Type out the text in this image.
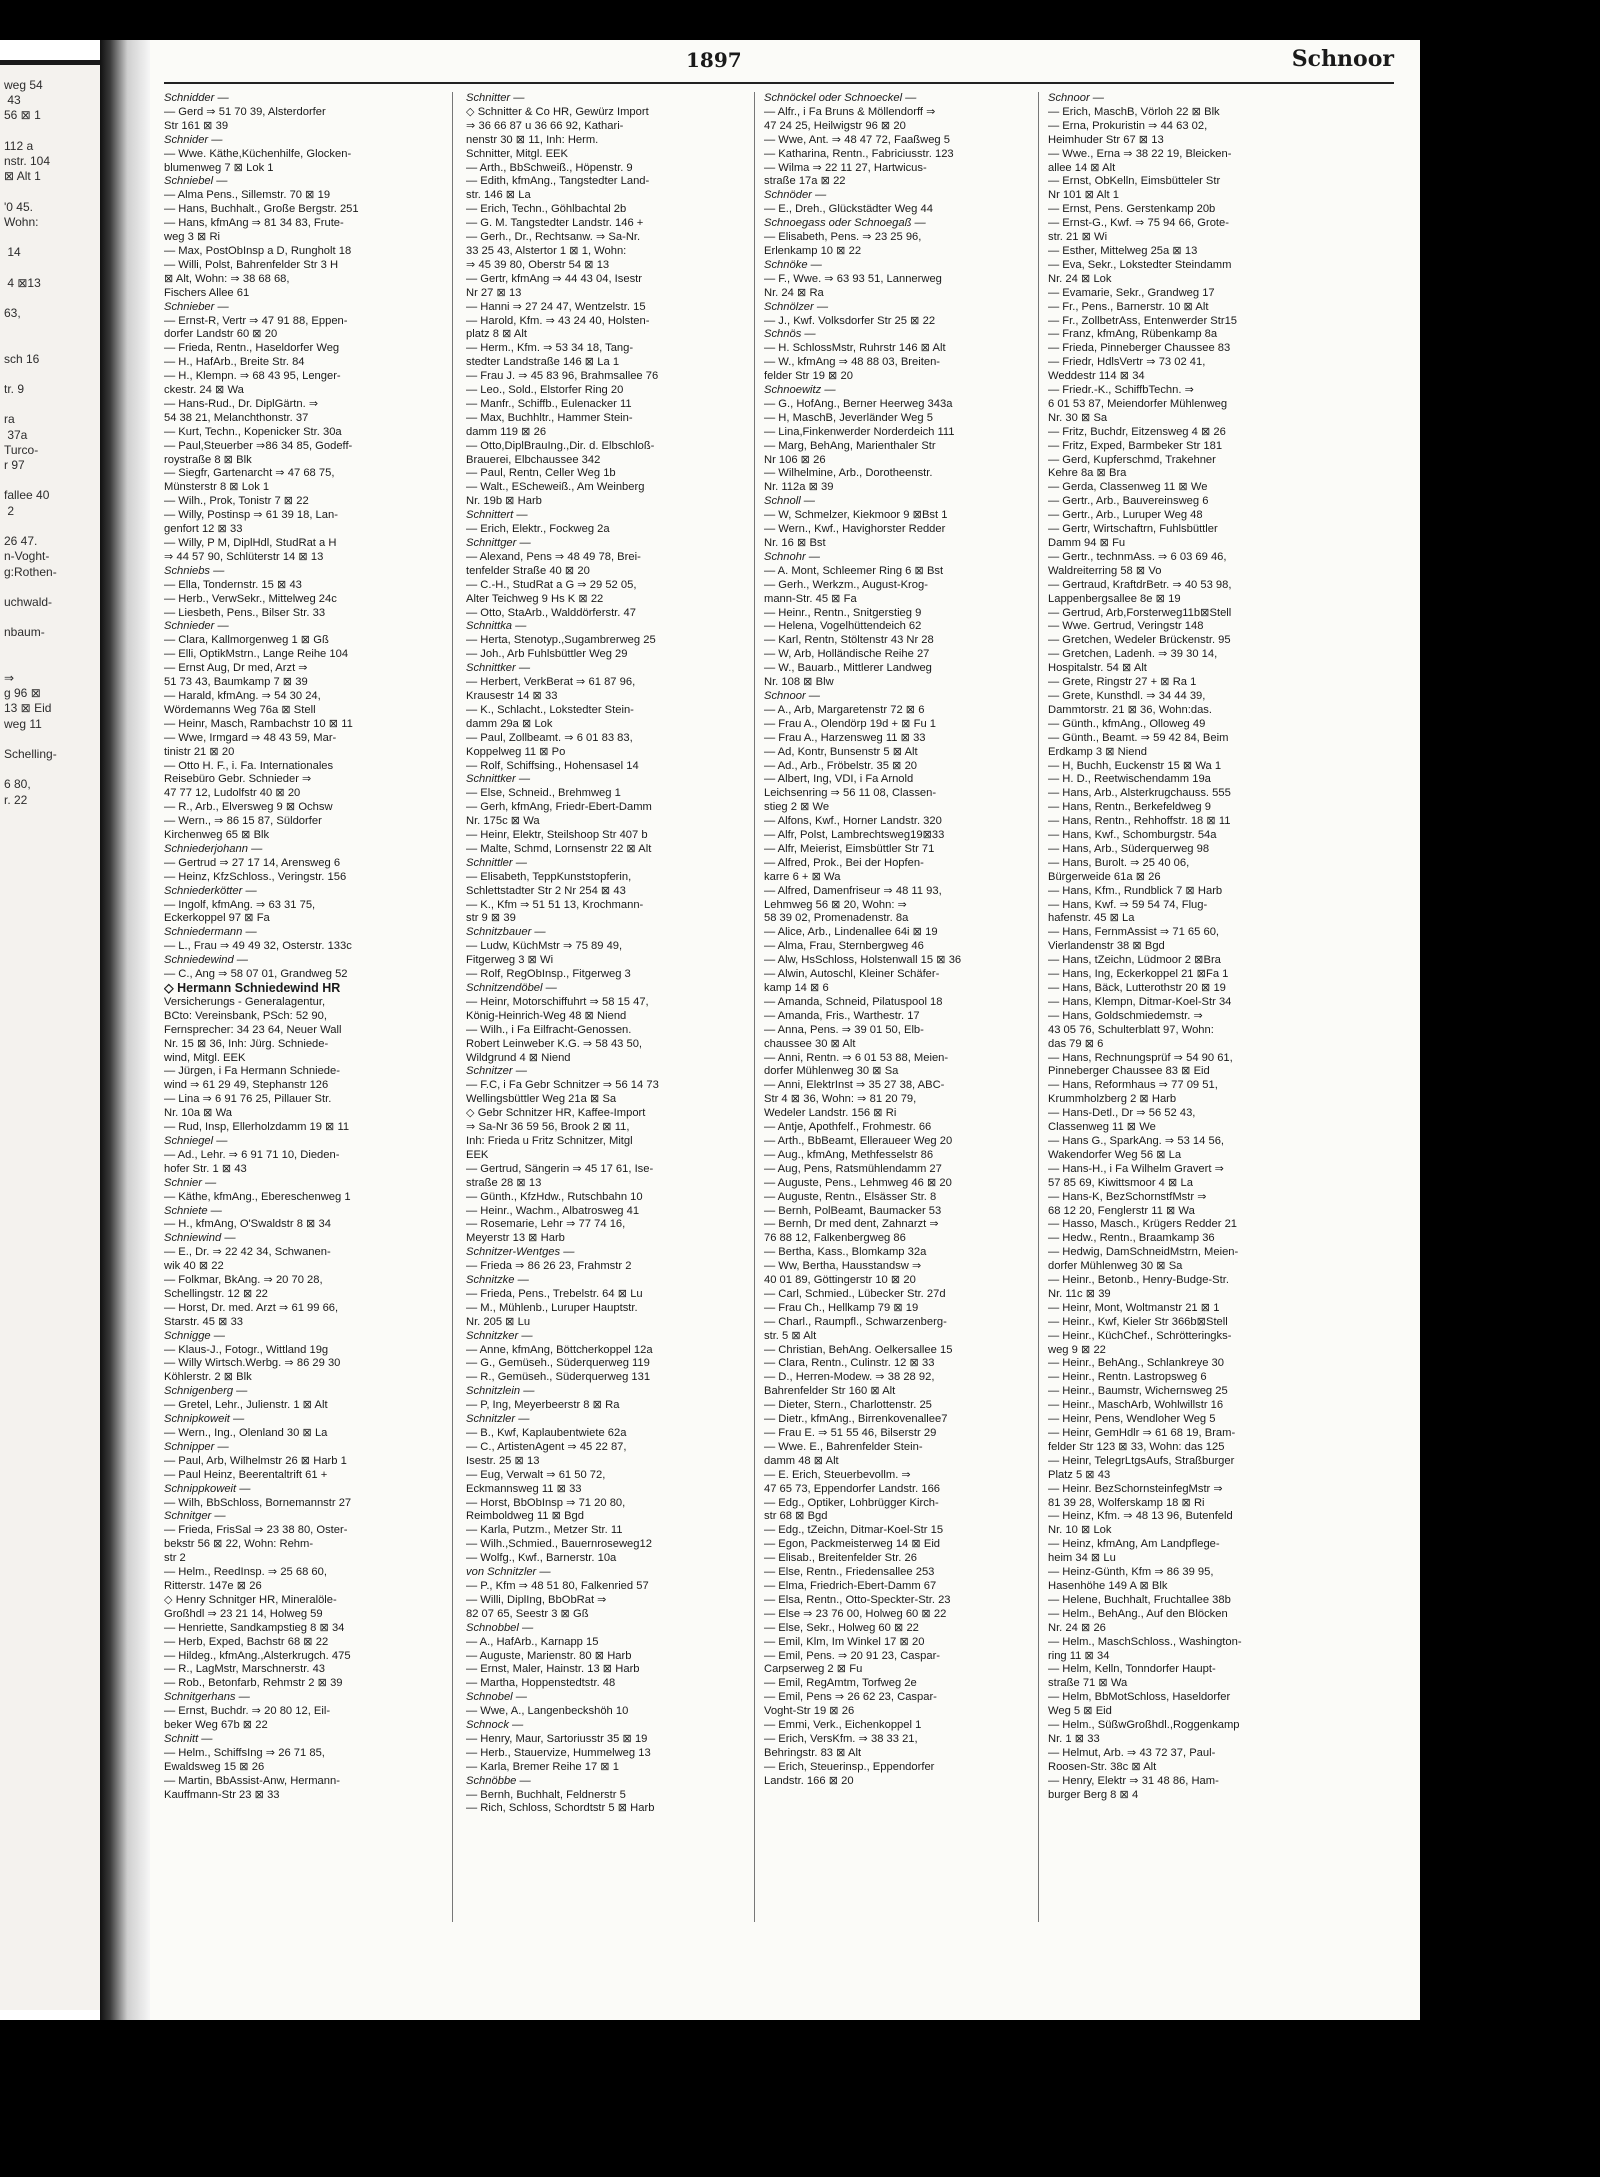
weg 54
43
56 ⊠ 1

112 a
nstr. 104
⊠ Alt 1

'0 45.
Wohn:

14

4 ⊠13

63,

sch 16

tr. 9

ra
37a
Turco-
r 97

fallee 40
2

26 47.
n-Voght-
g:Rothen-

uchwald-

nbaum-

⇒
g 96 ⊠
13 ⊠ Eid
weg 11

Schelling-

6 80,
r. 22
1897	Schnoor
Schnidder —
— Gerd ⇒ 51 70 39, Alsterdorfer
Str 161 ⊠ 39
Schnider —
— Wwe. Käthe,Küchenhilfe, Glocken-
blumenweg 7 ⊠ Lok 1
Schniebel —
— Alma Pens., Sillemstr. 70 ⊠ 19
— Hans, Buchhalt., Große Bergstr. 251
— Hans, kfmAng ⇒ 81 34 83, Frute-
weg 3 ⊠ Ri
— Max, PostObInsp a D, Rungholt 18
— Willi, Polst, Bahrenfelder Str 3 H
⊠ Alt, Wohn: ⇒ 38 68 68,
Fischers Allee 61
Schnieber —
— Ernst-R, Vertr ⇒ 47 91 88, Eppen-
dorfer Landstr 60 ⊠ 20
— Frieda, Rentn., Haseldorfer Weg
— H., HafArb., Breite Str. 84
— H., Klempn. ⇒ 68 43 95, Lenger-
ckestr. 24 ⊠ Wa
— Hans-Rud., Dr. DiplGärtn. ⇒
54 38 21, Melanchthonstr. 37
— Kurt, Techn., Kopenicker Str. 30a
— Paul,Steuerber ⇒86 34 85, Godeff-
roystraße 8 ⊠ Blk
— Siegfr, Gartenarcht ⇒ 47 68 75,
Münsterstr 8 ⊠ Lok 1
— Wilh., Prok, Tonistr 7 ⊠ 22
— Willy, Postinsp ⇒ 61 39 18, Lan-
genfort 12 ⊠ 33
— Willy, P M, DiplHdl, StudRat a H
⇒ 44 57 90, Schlüterstr 14 ⊠ 13
Schniebs —
— Ella, Tondernstr. 15 ⊠ 43
— Herb., VerwSekr., Mittelweg 24c
— Liesbeth, Pens., Bilser Str. 33
Schnieder —
— Clara, Kallmorgenweg 1 ⊠ Gß
— Elli, OptikMstrn., Lange Reihe 104
— Ernst Aug, Dr med, Arzt ⇒
51 73 43, Baumkamp 7 ⊠ 39
— Harald, kfmAng. ⇒ 54 30 24,
Wördemanns Weg 76a ⊠ Stell
— Heinr, Masch, Rambachstr 10 ⊠ 11
— Wwe, Irmgard ⇒ 48 43 59, Mar-
tinistr 21 ⊠ 20
— Otto H. F., i. Fa. Internationales
Reisebüro Gebr. Schnieder ⇒
47 77 12, Ludolfstr 40 ⊠ 20
— R., Arb., Elversweg 9 ⊠ Ochsw
— Wern., ⇒ 86 15 87, Süldorfer
Kirchenweg 65 ⊠ Blk
Schniederjohann —
— Gertrud ⇒ 27 17 14, Arensweg 6
— Heinz, KfzSchloss., Veringstr. 156
Schniederkötter —
— Ingolf, kfmAng. ⇒ 63 31 75,
Eckerkoppel 97 ⊠ Fa
Schniedermann —
— L., Frau ⇒ 49 49 32, Osterstr. 133c
Schniedewind —
— C., Ang ⇒ 58 07 01, Grandweg 52
◇ Hermann Schniedewind HR
Versicherungs - Generalagentur,
BCto: Vereinsbank, PSch: 52 90,
Fernsprecher: 34 23 64, Neuer Wall
Nr. 15 ⊠ 36, Inh: Jürg. Schniede-
wind, Mitgl. EEK
— Jürgen, i Fa Hermann Schniede-
wind ⇒ 61 29 49, Stephanstr 126
— Lina ⇒ 6 91 76 25, Pillauer Str.
Nr. 10a ⊠ Wa
— Rud, Insp, Ellerholzdamm 19 ⊠ 11
Schniegel —
— Ad., Lehr. ⇒ 6 91 71 10, Dieden-
hofer Str. 1 ⊠ 43
Schnier —
— Käthe, kfmAng., Ebereschenweg 1
Schniete —
— H., kfmAng, O'Swaldstr 8 ⊠ 34
Schniewind —
— E., Dr. ⇒ 22 42 34, Schwanen-
wik 40 ⊠ 22
— Folkmar, BkAng. ⇒ 20 70 28,
Schellingstr. 12 ⊠ 22
— Horst, Dr. med. Arzt ⇒ 61 99 66,
Starstr. 45 ⊠ 33
Schnigge —
— Klaus-J., Fotogr., Wittland 19g
— Willy Wirtsch.Werbg. ⇒ 86 29 30
Köhlerstr. 2 ⊠ Blk
Schnigenberg —
— Gretel, Lehr., Julienstr. 1 ⊠ Alt
Schnipkoweit —
— Wern., Ing., Olenland 30 ⊠ La
Schnipper —
— Paul, Arb, Wilhelmstr 26 ⊠ Harb 1
— Paul Heinz, Beerentaltrift 61 +
Schnippkoweit —
— Wilh, BbSchloss, Bornemannstr 27
Schnitger —
— Frieda, FrisSal ⇒ 23 38 80, Oster-
bekstr 56 ⊠ 22, Wohn: Rehm-
str 2
— Helm., ReedInsp. ⇒ 25 68 60,
Ritterstr. 147e ⊠ 26
◇ Henry Schnitger HR, Mineralöle-
Großhdl ⇒ 23 21 14, Holweg 59
— Henriette, Sandkampstieg 8 ⊠ 34
— Herb, Exped, Bachstr 68 ⊠ 22
— Hildeg., kfmAng.,Alsterkrugch. 475
— R., LagMstr, Marschnerstr. 43
— Rob., Betonfarb, Rehmstr 2 ⊠ 39
Schnitgerhans —
— Ernst, Buchdr. ⇒ 20 80 12, Eil-
beker Weg 67b ⊠ 22
Schnitt —
— Helm., SchiffsIng ⇒ 26 71 85,
Ewaldsweg 15 ⊠ 26
— Martin, BbAssist-Anw, Hermann-
Kauffmann-Str 23 ⊠ 33
Schnitter —
◇ Schnitter & Co HR, Gewürz Import
⇒ 36 66 87 u 36 66 92, Kathari-
nenstr 30 ⊠ 11, Inh: Herm.
Schnitter, Mitgl. EEK
— Arth., BbSchweiß., Höpenstr. 9
— Edith, kfmAng., Tangstedter Land-
str. 146 ⊠ La
— Erich, Techn., Göhlbachtal 2b
— G. M. Tangstedter Landstr. 146 +
— Gerh., Dr., Rechtsanw. ⇒ Sa-Nr.
33 25 43, Alstertor 1 ⊠ 1, Wohn:
⇒ 45 39 80, Oberstr 54 ⊠ 13
— Gertr, kfmAng ⇒ 44 43 04, Isestr
Nr 27 ⊠ 13
— Hanni ⇒ 27 24 47, Wentzelstr. 15
— Harold, Kfm. ⇒ 43 24 40, Holsten-
platz 8 ⊠ Alt
— Herm., Kfm. ⇒ 53 34 18, Tang-
stedter Landstraße 146 ⊠ La 1
— Frau J. ⇒ 45 83 96, Brahmsallee 76
— Leo., Sold., Elstorfer Ring 20
— Manfr., Schiffb., Eulenacker 11
— Max, Buchhltr., Hammer Stein-
damm 119 ⊠ 26
— Otto,DiplBrauIng.,Dir. d. Elbschloß-
Brauerei, Elbchaussee 342
— Paul, Rentn, Celler Weg 1b
— Walt., EScheweiß., Am Weinberg
Nr. 19b ⊠ Harb
Schnittert —
— Erich, Elektr., Fockweg 2a
Schnittger —
— Alexand, Pens ⇒ 48 49 78, Brei-
tenfelder Straße 40 ⊠ 20
— C.-H., StudRat a G ⇒ 29 52 05,
Alter Teichweg 9 Hs K ⊠ 22
— Otto, StaArb., Walddörferstr. 47
Schnittka —
— Herta, Stenotyp.,Sugambrerweg 25
— Joh., Arb Fuhlsbüttler Weg 29
Schnittker —
— Herbert, VerkBerat ⇒ 61 87 96,
Krausestr 14 ⊠ 33
— K., Schlacht., Lokstedter Stein-
damm 29a ⊠ Lok
— Paul, Zollbeamt. ⇒ 6 01 83 83,
Koppelweg 11 ⊠ Po
— Rolf, Schiffsing., Hohensasel 14
Schnittker —
— Else, Schneid., Brehmweg 1
— Gerh, kfmAng, Friedr-Ebert-Damm
Nr. 175c ⊠ Wa
— Heinr, Elektr, Steilshoop Str 407 b
— Malte, Schmd, Lornsenstr 22 ⊠ Alt
Schnittler —
— Elisabeth, TeppKunststopferin,
Schlettstadter Str 2 Nr 254 ⊠ 43
— K., Kfm ⇒ 51 51 13, Krochmann-
str 9 ⊠ 39
Schnitzbauer —
— Ludw, KüchMstr ⇒ 75 89 49,
Fitgerweg 3 ⊠ Wi
— Rolf, RegObInsp., Fitgerweg 3
Schnitzendöbel —
— Heinr, Motorschiffuhrt ⇒ 58 15 47,
König-Heinrich-Weg 48 ⊠ Niend
— Wilh., i Fa Eilfracht-Genossen.
Robert Leinweber K.G. ⇒ 58 43 50,
Wildgrund 4 ⊠ Niend
Schnitzer —
— F.C, i Fa Gebr Schnitzer ⇒ 56 14 73
Wellingsbüttler Weg 21a ⊠ Sa
◇ Gebr Schnitzer HR, Kaffee-Import
⇒ Sa-Nr 36 59 56, Brook 2 ⊠ 11,
Inh: Frieda u Fritz Schnitzer, Mitgl
EEK
— Gertrud, Sängerin ⇒ 45 17 61, Ise-
straße 28 ⊠ 13
— Günth., KfzHdw., Rutschbahn 10
— Heinr., Wachm., Albatrosweg 41
— Rosemarie, Lehr ⇒ 77 74 16,
Meyerstr 13 ⊠ Harb
Schnitzer-Wentges —
— Frieda ⇒ 86 26 23, Frahmstr 2
Schnitzke —
— Frieda, Pens., Trebelstr. 64 ⊠ Lu
— M., Mühlenb., Luruper Hauptstr.
Nr. 205 ⊠ Lu
Schnitzker —
— Anne, kfmAng, Böttcherkoppel 12a
— G., Gemüseh., Süderquerweg 119
— R., Gemüseh., Süderquerweg 131
Schnitzlein —
— P, Ing, Meyerbeerstr 8 ⊠ Ra
Schnitzler —
— B., Kwf, Kaplaubentwiete 62a
— C., ArtistenAgent ⇒ 45 22 87,
Isestr. 25 ⊠ 13
— Eug, Verwalt ⇒ 61 50 72,
Eckmannsweg 11 ⊠ 33
— Horst, BbObInsp ⇒ 71 20 80,
Reimboldweg 11 ⊠ Bgd
— Karla, Putzm., Metzer Str. 11
— Wilh.,Schmied., Bauernroseweg12
— Wolfg., Kwf., Barnerstr. 10a
von Schnitzler —
— P., Kfm ⇒ 48 51 80, Falkenried 57
— Willi, DiplIng, BbObRat ⇒
82 07 65, Seestr 3 ⊠ Gß
Schnobbel —
— A., HafArb., Karnapp 15
— Auguste, Marienstr. 80 ⊠ Harb
— Ernst, Maler, Hainstr. 13 ⊠ Harb
— Martha, Hoppenstedtstr. 48
Schnobel —
— Wwe, A., Langenbeckshöh 10
Schnock —
— Henry, Maur, Sartoriusstr 35 ⊠ 19
— Herb., Stauervize, Hummelweg 13
— Karla, Bremer Reihe 17 ⊠ 1
Schnöbbe —
— Bernh, Buchhalt, Feldnerstr 5
— Rich, Schloss, Schordtstr 5 ⊠ Harb
Schnöckel oder Schnoeckel —
— Alfr., i Fa Bruns & Möllendorff ⇒
47 24 25, Heilwigstr 96 ⊠ 20
— Wwe, Ant. ⇒ 48 47 72, Faaßweg 5
— Katharina, Rentn., Fabriciusstr. 123
— Wilma ⇒ 22 11 27, Hartwicus-
straße 17a ⊠ 22
Schnöder —
— E., Dreh., Glückstädter Weg 44
Schnoegass oder Schnoegaß —
— Elisabeth, Pens. ⇒ 23 25 96,
Erlenkamp 10 ⊠ 22
Schnöke —
— F., Wwe. ⇒ 63 93 51, Lannerweg
Nr. 24 ⊠ Ra
Schnölzer —
— J., Kwf. Volksdorfer Str 25 ⊠ 22
Schnös —
— H. SchlossMstr, Ruhrstr 146 ⊠ Alt
— W., kfmAng ⇒ 48 88 03, Breiten-
felder Str 19 ⊠ 20
Schnoewitz —
— G., HofAng., Berner Heerweg 343a
— H, MaschB, Jeverländer Weg 5
— Lina,Finkenwerder Norderdeich 111
— Marg, BehAng, Marienthaler Str
Nr 106 ⊠ 26
— Wilhelmine, Arb., Dorotheenstr.
Nr. 112a ⊠ 39
Schnoll —
— W, Schmelzer, Kiekmoor 9 ⊠Bst 1
— Wern., Kwf., Havighorster Redder
Nr. 16 ⊠ Bst
Schnohr —
— A. Mont, Schleemer Ring 6 ⊠ Bst
— Gerh., Werkzm., August-Krog-
mann-Str. 45 ⊠ Fa
— Heinr., Rentn., Snitgerstieg 9
— Helena, Vogelhüttendeich 62
— Karl, Rentn, Stöltenstr 43 Nr 28
— W, Arb, Holländische Reihe 27
— W., Bauarb., Mittlerer Landweg
Nr. 108 ⊠ Blw
Schnoor —
— A., Arb, Margaretenstr 72 ⊠ 6
— Frau A., Olendörp 19d + ⊠ Fu 1
— Frau A., Harzensweg 11 ⊠ 33
— Ad, Kontr, Bunsenstr 5 ⊠ Alt
— Ad., Arb., Fröbelstr. 35 ⊠ 20
— Albert, Ing, VDI, i Fa Arnold
Leichsenring ⇒ 56 11 08, Classen-
stieg 2 ⊠ We
— Alfons, Kwf., Horner Landstr. 320
— Alfr, Polst, Lambrechtsweg19⊠33
— Alfr, Meierist, Eimsbüttler Str 71
— Alfred, Prok., Bei der Hopfen-
karre 6 + ⊠ Wa
— Alfred, Damenfriseur ⇒ 48 11 93,
Lehmweg 56 ⊠ 20, Wohn: ⇒
58 39 02, Promenadenstr. 8a
— Alice, Arb., Lindenallee 64i ⊠ 19
— Alma, Frau, Sternbergweg 46
— Alw, HsSchloss, Holstenwall 15 ⊠ 36
— Alwin, Autoschl, Kleiner Schäfer-
kamp 14 ⊠ 6
— Amanda, Schneid, Pilatuspool 18
— Amanda, Fris., Warthestr. 17
— Anna, Pens. ⇒ 39 01 50, Elb-
chaussee 30 ⊠ Alt
— Anni, Rentn. ⇒ 6 01 53 88, Meien-
dorfer Mühlenweg 30 ⊠ Sa
— Anni, ElektrInst ⇒ 35 27 38, ABC-
Str 4 ⊠ 36, Wohn: ⇒ 81 20 79,
Wedeler Landstr. 156 ⊠ Ri
— Antje, Apothfelf., Frohmestr. 66
— Arth., BbBeamt, Elleraueer Weg 20
— Aug., kfmAng, Methfesselstr 86
— Aug, Pens, Ratsmühlendamm 27
— Auguste, Pens., Lehmweg 46 ⊠ 20
— Auguste, Rentn., Elsässer Str. 8
— Bernh, PolBeamt, Baumacker 53
— Bernh, Dr med dent, Zahnarzt ⇒
76 88 12, Falkenbergweg 86
— Bertha, Kass., Blomkamp 32a
— Ww, Bertha, Hausstandsw ⇒
40 01 89, Göttingerstr 10 ⊠ 20
— Carl, Schmied., Lübecker Str. 27d
— Frau Ch., Hellkamp 79 ⊠ 19
— Charl., Raumpfl., Schwarzenberg-
str. 5 ⊠ Alt
— Christian, BehAng. Oelkersallee 15
— Clara, Rentn., Culinstr. 12 ⊠ 33
— D., Herren-Modew. ⇒ 38 28 92,
Bahrenfelder Str 160 ⊠ Alt
— Dieter, Stern., Charlottenstr. 25
— Dietr., kfmAng., Birrenkovenallee7
— Frau E. ⇒ 51 55 46, Bilserstr 29
— Wwe. E., Bahrenfelder Stein-
damm 48 ⊠ Alt
— E. Erich, Steuerbevollm. ⇒
47 65 73, Eppendorfer Landstr. 166
— Edg., Optiker, Lohbrügger Kirch-
str 68 ⊠ Bgd
— Edg., tZeichn, Ditmar-Koel-Str 15
— Egon, Packmeisterweg 14 ⊠ Eid
— Elisab., Breitenfelder Str. 26
— Else, Rentn., Friedensallee 253
— Elma, Friedrich-Ebert-Damm 67
— Elsa, Rentn., Otto-Speckter-Str. 23
— Else ⇒ 23 76 00, Holweg 60 ⊠ 22
— Else, Sekr., Holweg 60 ⊠ 22
— Emil, Klm, Im Winkel 17 ⊠ 20
— Emil, Pens. ⇒ 20 91 23, Caspar-
Carpserweg 2 ⊠ Fu
— Emil, RegAmtm, Torfweg 2e
— Emil, Pens ⇒ 26 62 23, Caspar-
Voght-Str 19 ⊠ 26
— Emmi, Verk., Eichenkoppel 1
— Erich, VersKfm. ⇒ 38 33 21,
Behringstr. 83 ⊠ Alt
— Erich, Steuerinsp., Eppendorfer
Landstr. 166 ⊠ 20
Schnoor —
— Erich, MaschB, Vörloh 22 ⊠ Blk
— Erna, Prokuristin ⇒ 44 63 02,
Heimhuder Str 67 ⊠ 13
— Wwe., Erna ⇒ 38 22 19, Bleicken-
allee 14 ⊠ Alt
— Ernst, ObKelln, Eimsbütteler Str
Nr 101 ⊠ Alt 1
— Ernst, Pens. Gerstenkamp 20b
— Ernst-G., Kwf. ⇒ 75 94 66, Grote-
str. 21 ⊠ Wi
— Esther, Mittelweg 25a ⊠ 13
— Eva, Sekr., Lokstedter Steindamm
Nr. 24 ⊠ Lok
— Evamarie, Sekr., Grandweg 17
— Fr., Pens., Barnerstr. 10 ⊠ Alt
— Fr., ZollbetrAss, Entenwerder Str15
— Franz, kfmAng, Rübenkamp 8a
— Frieda, Pinneberger Chaussee 83
— Friedr, HdlsVertr ⇒ 73 02 41,
Weddestr 114 ⊠ 34
— Friedr.-K., SchiffbTechn. ⇒
6 01 53 87, Meiendorfer Mühlenweg
Nr. 30 ⊠ Sa
— Fritz, Buchdr, Eitzensweg 4 ⊠ 26
— Fritz, Exped, Barmbeker Str 181
— Gerd, Kupferschmd, Trakehner
Kehre 8a ⊠ Bra
— Gerda, Classenweg 11 ⊠ We
— Gertr., Arb., Bauvereinsweg 6
— Gertr., Arb., Luruper Weg 48
— Gertr, Wirtschaftrn, Fuhlsbüttler
Damm 94 ⊠ Fu
— Gertr., technmAss. ⇒ 6 03 69 46,
Waldreiterring 58 ⊠ Vo
— Gertraud, KraftdrBetr. ⇒ 40 53 98,
Lappenbergsallee 8e ⊠ 19
— Gertrud, Arb,Forsterweg11b⊠Stell
— Wwe. Gertrud, Veringstr 148
— Gretchen, Wedeler Brückenstr. 95
— Gretchen, Ladenh. ⇒ 39 30 14,
Hospitalstr. 54 ⊠ Alt
— Grete, Ringstr 27 + ⊠ Ra 1
— Grete, Kunsthdl. ⇒ 34 44 39,
Dammtorstr. 21 ⊠ 36, Wohn:das.
— Günth., kfmAng., Olloweg 49
— Günth., Beamt. ⇒ 59 42 84, Beim
Erdkamp 3 ⊠ Niend
— H, Buchh, Euckenstr 15 ⊠ Wa 1
— H. D., Reetwischendamm 19a
— Hans, Arb., Alsterkrugchauss. 555
— Hans, Rentn., Berkefeldweg 9
— Hans, Rentn., Rehhoffstr. 18 ⊠ 11
— Hans, Kwf., Schomburgstr. 54a
— Hans, Arb., Süderquerweg 98
— Hans, Burolt. ⇒ 25 40 06,
Bürgerweide 61a ⊠ 26
— Hans, Kfm., Rundblick 7 ⊠ Harb
— Hans, Kwf. ⇒ 59 54 74, Flug-
hafenstr. 45 ⊠ La
— Hans, FernmAssist ⇒ 71 65 60,
Vierlandenstr 38 ⊠ Bgd
— Hans, tZeichn, Lüdmoor 2 ⊠Bra
— Hans, Ing, Eckerkoppel 21 ⊠Fa 1
— Hans, Bäck, Lutterothstr 20 ⊠ 19
— Hans, Klempn, Ditmar-Koel-Str 34
— Hans, Goldschmiedemstr. ⇒
43 05 76, Schulterblatt 97, Wohn:
das 79 ⊠ 6
— Hans, Rechnungsprüf ⇒ 54 90 61,
Pinneberger Chaussee 83 ⊠ Eid
— Hans, Reformhaus ⇒ 77 09 51,
Krummholzberg 2 ⊠ Harb
— Hans-Detl., Dr ⇒ 56 52 43,
Classenweg 11 ⊠ We
— Hans G., SparkAng. ⇒ 53 14 56,
Wakendorfer Weg 56 ⊠ La
— Hans-H., i Fa Wilhelm Gravert ⇒
57 85 69, Kiwittsmoor 4 ⊠ La
— Hans-K, BezSchornstfMstr ⇒
68 12 20, Fenglerstr 11 ⊠ Wa
— Hasso, Masch., Krügers Redder 21
— Hedw., Rentn., Braamkamp 36
— Hedwig, DamSchneidMstrn, Meien-
dorfer Mühlenweg 30 ⊠ Sa
— Heinr., Betonb., Henry-Budge-Str.
Nr. 11c ⊠ 39
— Heinr, Mont, Woltmanstr 21 ⊠ 1
— Heinr., Kwf, Kieler Str 366b⊠Stell
— Heinr., KüchChef., Schrötteringks-
weg 9 ⊠ 22
— Heinr., BehAng., Schlankreye 30
— Heinr., Rentn. Lastropsweg 6
— Heinr., Baumstr, Wichernsweg 25
— Heinr., MaschArb, Wohlwillstr 16
— Heinr, Pens, Wendloher Weg 5
— Heinr, GemHdlr ⇒ 61 68 19, Bram-
felder Str 123 ⊠ 33, Wohn: das 125
— Heinr, TelegrLtgsAufs, Straßburger
Platz 5 ⊠ 43
— Heinr. BezSchornsteinfegMstr ⇒
81 39 28, Wolferskamp 18 ⊠ Ri
— Heinz, Kfm. ⇒ 48 13 96, Butenfeld
Nr. 10 ⊠ Lok
— Heinz, kfmAng, Am Landpflege-
heim 34 ⊠ Lu
— Heinz-Günth, Kfm ⇒ 86 39 95,
Hasenhöhe 149 A ⊠ Blk
— Helene, Buchhalt, Fruchtallee 38b
— Helm., BehAng., Auf den Blöcken
Nr. 24 ⊠ 26
— Helm., MaschSchloss., Washington-
ring 11 ⊠ 34
— Helm, Kelln, Tonndorfer Haupt-
straße 71 ⊠ Wa
— Helm, BbMotSchloss, Haseldorfer
Weg 5 ⊠ Eid
— Helm., SüßwGroßhdl.,Roggenkamp
Nr. 1 ⊠ 33
— Helmut, Arb. ⇒ 43 72 37, Paul-
Roosen-Str. 38c ⊠ Alt
— Henry, Elektr ⇒ 31 48 86, Ham-
burger Berg 8 ⊠ 4
